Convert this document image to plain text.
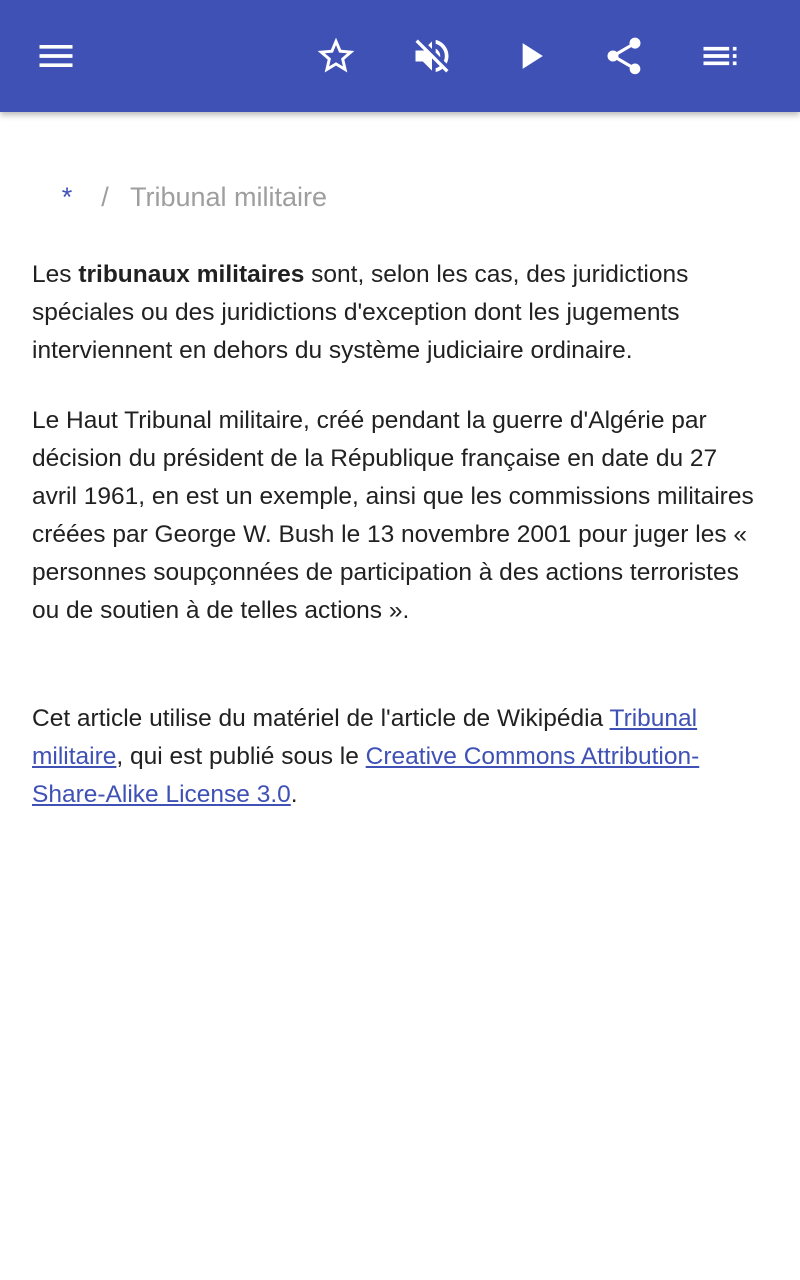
* / Tribunal militaire

Les tribunaux militaires sont, selon les cas, des juridictions spéciales ou des juridictions d'exception dont les jugements interviennent en dehors du système judiciaire ordinaire.

Le Haut Tribunal militaire, créé pendant la guerre d'Algérie par décision du président de la République française en date du 27 avril 1961, en est un exemple, ainsi que les commissions militaires créées par George W. Bush le 13 novembre 2001 pour juger les « personnes soupçonnées de participation à des actions terroristes ou de soutien à de telles actions ».

Cet article utilise du matériel de l'article de Wikipédia Tribunal militaire, qui est publié sous le Creative Commons Attribution-Share-Alike License 3.0.
